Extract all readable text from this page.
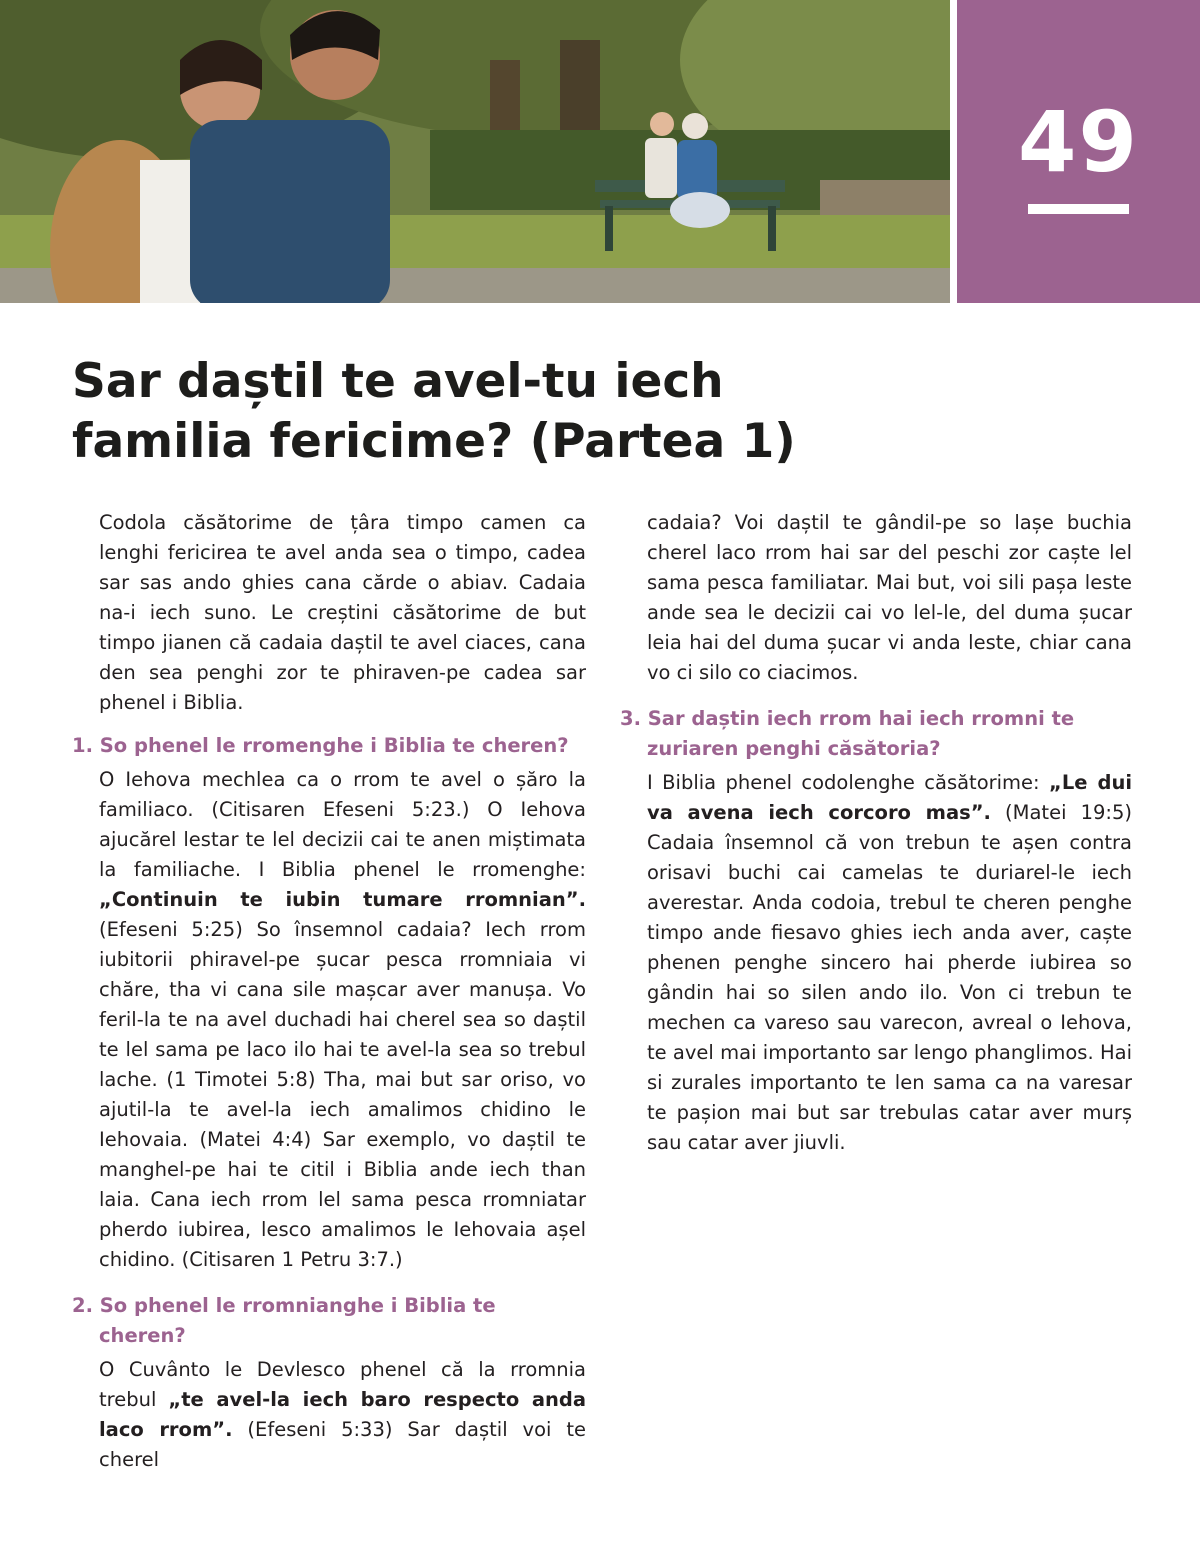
49
Sar daștil te avel-tu iech
familia fericime? (Partea 1)

Codola căsătorime de țâra timpo camen ca lenghi fericirea te avel anda sea o timpo, cadea sar sas ando ghies cana cărde o abiav. Cadaia na-i iech suno. Le creștini căsătorime de but timpo jianen că cadaia daștil te avel ciaces, cana den sea penghi zor te phiraven-pe cadea sar phenel i Biblia.

1. So phenel le rromenghe i Biblia te cheren?

O Iehova mechlea ca o rrom te avel o șăro la familiaco. (Citisaren Efeseni 5:23.) O Iehova ajucărel lestar te lel decizii cai te anen miștimata la familiache. I Biblia phenel le rromenghe: „Continuin te iubin tumare rromnian”. (Efeseni 5:25) So însemnol cadaia? Iech rrom iubitorii phiravel-pe șucar pesca rromniaia vi chăre, tha vi cana sile mașcar aver manușa. Vo feril-la te na avel duchadi hai cherel sea so daștil te lel sama pe laco ilo hai te avel-la sea so trebul lache. (1 Timotei 5:8) Tha, mai but sar oriso, vo ajutil-la te avel-la iech amalimos chidino le Iehovaia. (Matei 4:4) Sar exemplo, vo daștil te manghel-pe hai te citil i Biblia ande iech than laia. Cana iech rrom lel sama pesca rromniatar pherdo iubirea, lesco amalimos le Iehovaia așel chidino. (Citisaren 1 Petru 3:7.)

2. So phenel le rromnianghe i Biblia te cheren?

O Cuvânto le Devlesco phenel că la rromnia trebul „te avel-la iech baro respecto anda laco rrom”. (Efeseni 5:33) Sar daștil voi te cherel

cadaia? Voi daștil te gândil-pe so lașe buchia cherel laco rrom hai sar del peschi zor caște lel sama pesca familiatar. Mai but, voi sili pașa leste ande sea le decizii cai vo lel-le, del duma șucar leia hai del duma șucar vi anda leste, chiar cana vo ci silo co ciacimos.

3. Sar daștin iech rrom hai iech rromni te zuriaren penghi căsătoria?

I Biblia phenel codolenghe căsătorime: „Le dui va avena iech corcoro mas”. (Matei 19:5) Cadaia însemnol că von trebun te așen contra orisavi buchi cai camelas te duriarel-le iech averestar. Anda codoia, trebul te cheren penghe timpo ande fiesavo ghies iech anda aver, caște phenen penghe sincero hai pherde iubirea so gândin hai so silen ando ilo. Von ci trebun te mechen ca vareso sau varecon, avreal o Iehova, te avel mai importanto sar lengo phanglimos. Hai si zurales importanto te len sama ca na varesar te pașion mai but sar trebulas catar aver murș sau catar aver jiuvli.
